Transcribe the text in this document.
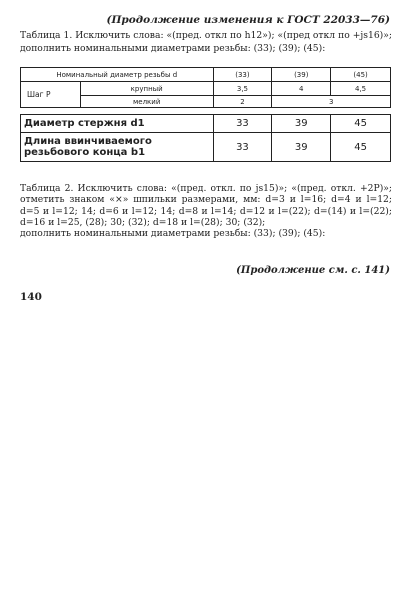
(Продолжение изменения к ГОСТ 22033—76)
Таблица 1. Исключить слова: «(пред. откл по h12»); «(пред откл по +js16)»; дополнить номинальными диаметрами резьбы: (33); (39); (45):
Номинальный диаметр резьбы d		(33)	(39)	(45)
Шаг P	крупный	3,5	4	4,5
	мелкий	2	3	

Диаметр стержня d1		33	39	45
Длина ввинчиваемого резьбового конца b1		33	39	45
Таблица 2. Исключить слова: «(пред. откл. по js15)»; «(пред. откл. +2Р)»; отметить знаком «×» шпильки размерами, мм: d=3 и l=16; d=4 и l=12; d=5 и l=12; 14; d=6 и l=12; 14; d=8 и l=14; d=12 и l=(22); d=(14) и l=(22); d=16 и l=25, (28); 30; (32); d=18 и l=(28); 30; (32);
дополнить номинальными диаметрами резьбы: (33); (39); (45):
(Продолжение см. с. 141)
140
